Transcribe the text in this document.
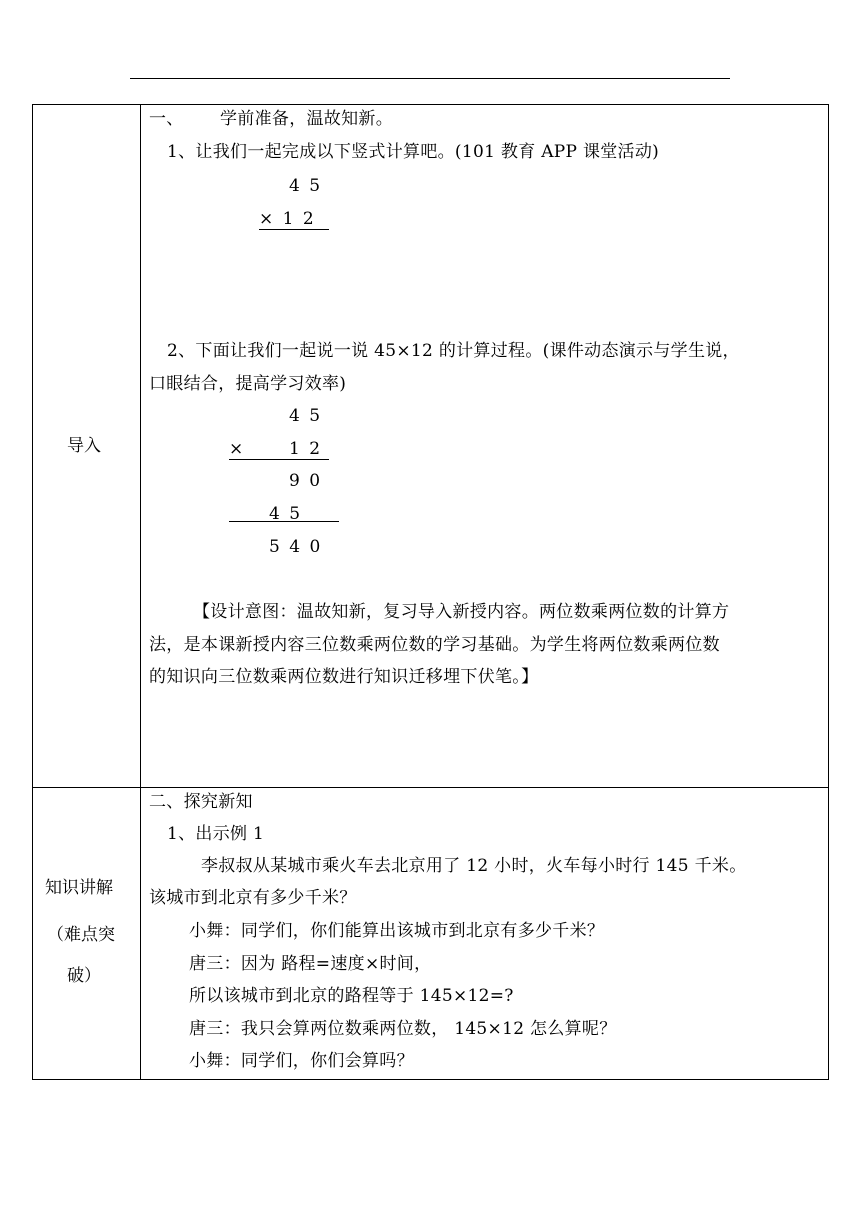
导入
一、 学前准备，温故知新。
1、让我们一起完成以下竖式计算吧。(101 教育 APP 课堂活动)
4 5
× 1 2
2、下面让我们一起说一说 45×12 的计算过程。(课件动态演示与学生说，
口眼结合，提高学习效率)
4 5
×	1 2
9 0
4 5
5 4 0
【设计意图：温故知新，复习导入新授内容。两位数乘两位数的计算方
法，是本课新授内容三位数乘两位数的学习基础。为学生将两位数乘两位数
的知识向三位数乘两位数进行知识迁移埋下伏笔。】
知识讲解
（难点突
破）
二、探究新知
1、出示例 1
李叔叔从某城市乘火车去北京用了 12 小时，火车每小时行 145 千米。
该城市到北京有多少千米？
小舞：同学们，你们能算出该城市到北京有多少千米？
唐三：因为 路程=速度×时间，
所以该城市到北京的路程等于 145×12=?
唐三：我只会算两位数乘两位数， 145×12 怎么算呢？
小舞：同学们，你们会算吗？
